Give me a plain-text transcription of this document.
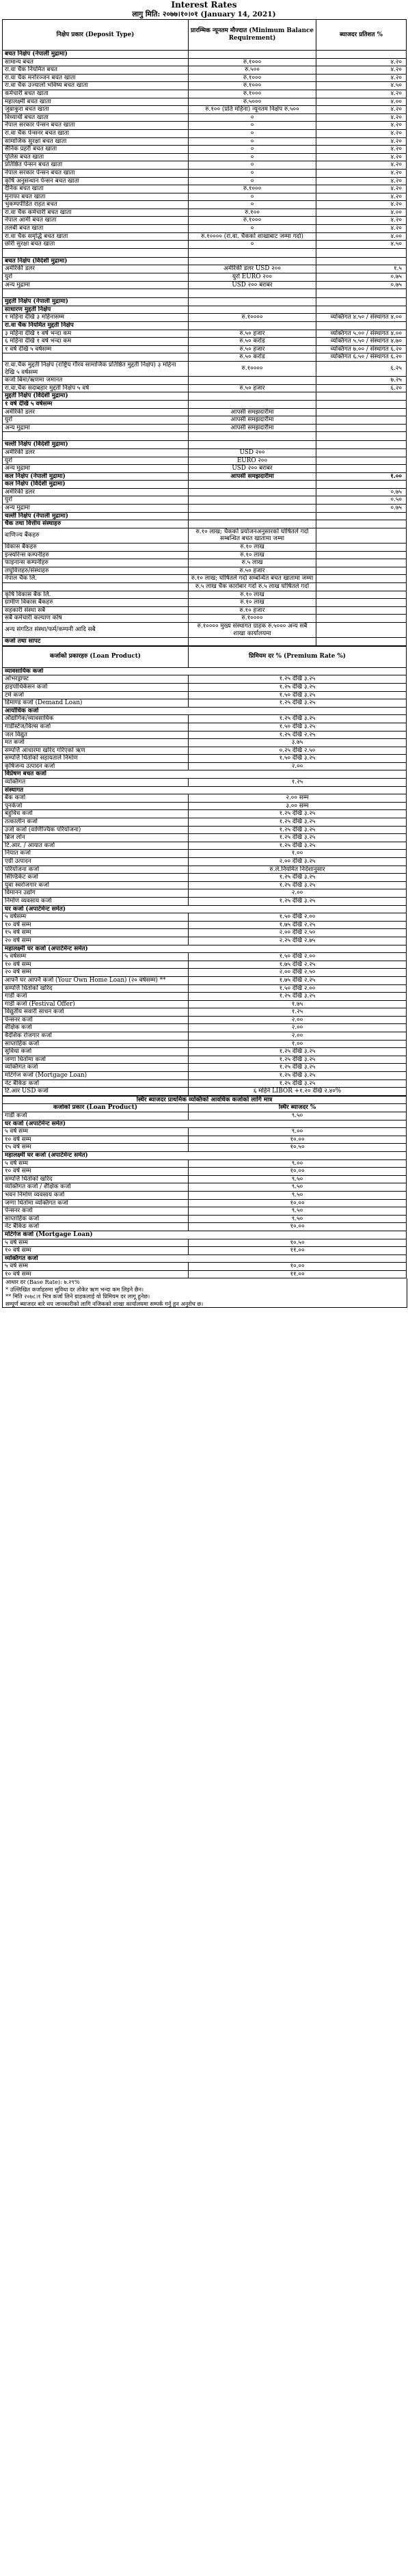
Interest Rates
लागु मिति: २०७७।१०।०१ (January 14, 2021)
निक्षेप प्रकार (Deposit Type)	प्रारम्भिक न्यूनतम मौज्दात (Minimum Balance Requirement)	ब्याजदर प्रतिशत %
बचत निक्षेप (नेपाली मुद्रामा)		
सामान्य बचत	रु.१०००	४.२०
रा.वा चैक नियमित बचत	रु.५००	४.२०
रा.वा चैक मनोरञ्जन बचत खाता	रु.१०००	४.२०
रा.वा चैक उज्यालो भविष्य बचत खाता	रु.१०००	४.५०
कर्मचारी बचत खाता	रु.१०००	४.२०
महालक्ष्मी बचत खाता	रु.५०००	४.००
जुम्राकुरा बचत खाता	रु.१०० (प्रति महिना) न्यूनतम निक्षेप रु.५००	४.२०
विध्यार्थी बचत खाता	०	४.२०
नेपाल सरकार पेन्सन बचत खाता	०	४.२०
रा.वा चैक पेन्सनर बचत खाता	०	४.२०
सामाजिक सुरक्षा बचत खाता	०	४.२०
सैनिक प्रहरी बचत खाता	०	४.२०
पुलिस बचत खाता	०	४.२०
प्रतिष्ठित पेन्सन बचत खाता	०	४.२०
नेपाल सरकार पेन्सन बचत खाता	०	४.२०
कृषि अनुसन्धान पेन्सन बचत खाता	०	४.२०
दैनिक बचत खाता	रु.१०००	४.२०
मुनाफा बचत खाता	०	४.२०
भुकम्पपीडित राहत बचत	०	४.२०
रा.वा चैक कर्मचारी बचत खाता	रु.१००	४.००
नेपाल आर्मी बचत खाता	रु.१०००	४.२०
तलबी बचत खाता	०	४.२०
रा.वा चैक समृद्धि बचत खाता	रु.१०००० (रा.वा. चैकको शाखाबाट जम्मा गर्दा)	४.००
छोरी सुरक्षा बचत खाता	०	४.५०

बचत निक्षेप (विदेशी मुद्रामा)		
अमेरिकी डलर	अमेरिकी डलर USD २००	१.५
युरो	युरो EURO २००	०.७५
अन्य मुद्रामा	USD २०० बराबर	०.७५

मुद्दती निक्षेप (नेपाली मुद्रामा)		
साधारण मुद्दती निक्षेप		
१ महिना देखि ३ महिनासम्म	रु.१००००	व्यक्तिगत ४.५० / संस्थागत ४.००
रा.वा चैक नियमित मुद्दती निक्षेप		
३ महिना देखि १ वर्ष भन्दा कम	रु.५० हजार	व्यक्तिगत ५.०० / संस्थागत ४.००
६ महिना देखि १ वर्ष भन्दा कम	रु.५० करोड	व्यक्तिगत ५.५० / संस्थागत ४.७०
१ वर्ष देखि ५ वर्षसम्म	रु.५० हजार	व्यक्तिगत ७.०० / संस्थागत ६.२०
	रु.५० करोड	व्यक्तिगत ६.५० / संस्थागत ६.२०
रा.वा.चैक मुद्दती निक्षेप (राष्ट्रिय गौरव सामाजिक प्रतिष्ठित मुद्दती निक्षेप) ३ महिना देखि ५ वर्षसम्म	रु.१००००	६.२५
कर्जा बिमा/ऋणमा जमानत		७.२५
रा.वा.चैक सदाबहार मुद्दती निक्षेप ५ वर्ष	रु.५० हजार	६.२०
मुद्दती निक्षेप (विदेशी मुद्रामा)		
१ वर्ष देखि ५ वर्षसम्म		
अमेरिकी डलर	आपसी समझदारीमा	
युरो	आपसी समझदारीमा	
अन्य मुद्रामा	आपसी समझदारीमा	

चल्ती निक्षेप (विदेशी मुद्रामा)		
अमेरिकी डलर	USD २००	
युरो	EURO २००	
अन्य मुद्रामा	USD २०० बराबर	
कल निक्षेप (नेपाली मुद्रामा)	आपसी समझदारीमा	१.००
कल निक्षेप (विदेशी मुद्रामा)		
अमेरिकी डलर		०.७५
युरो		०.५०
अन्य मुद्रामा		०.७५
चल्ती निक्षेप (नेपाली मुद्रामा)		
चैक तथा वित्तीय संस्थाहरु		
वाणिज्य बैंकहरु	रु.१० लाख; चैकको प्रयोजनअनुसारको घोषितले गर्दा सम्बन्धित बचत खातामा जम्मा	
विकास बैंकहरु	रु.१० लाख	
इन्स्योरेन्स कम्पनीहरु	रु.१० लाख	
फाइनान्स कम्पनीहरु	रु.५ लाख	
लघुवित्तहरु/संस्थाहरु	रु.५० हजार	
नेपाल चैक लि.	रु.१० लाख; घोषितले गर्दा सम्बन्धित बचत खातामा जम्मा	
	रु.५ लाख चैक कारोबार गर्दा रु.५ लाख घोषितले गर्दा	
कृषि विकास बैंक लि.	रु.१० लाख	
ग्रामीण विकास बैंकहरु	रु.१० लाख	
सहकारी संस्था सबै	रु.१० हजार	
सबै कर्मचारी कल्याण कोष	रु.१००००	
अन्य संगठित संस्था/फर्म/कम्पनी आदि सबै	रु.१०००० मुख्य संस्थागत ग्राहक रु.५००० अन्य सबै शाखा कार्यालयमा	
कर्जा तथा सापट		
कर्जाको प्रकारहरु (Loan Product)	प्रिमियम दर % (Premium Rate %)
व्यावसायिक कर्जा	
ओभरड्राफ्ट	१.२५ देखि ३.२५
हाइपोथिकेसन कर्जा	१.२५ देखि ३.२५
टर्म कर्जा	१.५० देखि ३.२५
डिमाण्ड कर्जा (Demand Loan)	१.२५ देखि ३.२५
आयोधिक कर्जा	
औद्योगिक/व्यावसायिक	१.२५ देखि ३.२५
गाडीस्टेज/विल्स कर्जा	१.५० देखि ३.२५
जल विद्युत	१.२५ देखि २.२५
मत कर्जा	३.७५
सम्पत्ति आधारमा खरिद गरिएको ऋण	०.२५ देखि २.५०
सम्पत्ति धितोको सहायताले निर्माण	१.५० देखि ३.२५
कृषिजन्य उत्पादन कर्जा	२.००
विप्रेषण बचत कर्जा	
व्यक्तिगत	१.२५
संस्थागत	
बैंक कर्जा	२.०० सम्म
पुनर्कर्जा	३.०० सम्म
बहुविध कर्जा	१.२५ देखि ३.२५
तत्कालीन कर्जा	१.२५ देखि ३.२५
उर्जा कर्जा (वाणिज्यिक परियोजना)	१.२५ देखि ३.२५
ब्रिज लोन	१.२५ देखि ३.२५
टि.आर. / आयात कर्जा	१.२५ देखि ३.२५
नियात कर्जा	१.००
एग्री उत्पादन	२.०० देखि ३.२५
परियोजना कर्जा	रु.ले.नियमित निर्देशानुसार
सिण्डिकेट कर्जा	१.२५ देखि ३.२५
युवा स्वरोजगार कर्जा	१.२५ देखि ३.२५
विमानन उद्योग	२.००
निर्माण व्यवसाय कर्जा	१.२५ देखि ३.२५
घर कर्जा (अपार्टमेन्ट समेत)	
५ वर्षसम्म	१.५० देखि २.००
१० वर्ष सम्म	१.७५ देखि २.२५
१५ वर्ष सम्म	२.०० देखि २.५०
२० वर्ष सम्म	२.२५ देखि २.७५
महालक्ष्मी घर कर्जा (अपार्टमेन्ट समेत)	
५ वर्षसम्म	१.५० देखि २.००
१० वर्ष सम्म	१.७५ देखि २.२५
२० वर्ष सम्म	२.०० देखि २.५०
आफ्नै घर आफ्नै कर्जा (Your Own Home Loan) (२० वर्षसम्म) **	१.७५ देखि २.२५
सम्पत्ति धितोको खरिद	१.५० देखि २.००
गाडी कर्जा	१.२५ देखि ३.२५
गाडी कर्जा (Festival Offer)	१.७५
विद्युतीय सवारी साधन कर्जा	१.२५
पेन्सनर कर्जा	२.००
शैक्षिक कर्जा	२.००
वैदेशिक रोजगार कर्जा	२.००
साप्ताहिक कर्जा	१.००
सुविधा कर्जा	१.२५ देखि ३.२५
जग्गा धितोमा कर्जा	१.२५ देखि ३.२५
व्यक्तिगत कर्जा	१.२५ देखि ३.२५
मोर्टगेज कर्जा (Mortgage Loan)	१.२५ देखि ३.२५
नेट बैंकिङ कर्जा	१.२५ देखि ३.२५
टि.आर USD कर्जा	६ महिने LIBOR +१.२० देखि २.४०%
स्थिर ब्याजदर प्राथमिक व्यक्तिको आवधिक कर्जाको लागि मात्र	
कर्जाको प्रकार (Loan Product)	स्थिर ब्याजदर %
गाडी कर्जा	९.५०
घर कर्जा (अपार्टमेन्ट समेत)	
५ वर्ष सम्म	९.००
१० वर्ष सम्म	१०.००
१५ वर्ष सम्म	१०.५०
महालक्ष्मी घर कर्जा (अपार्टमेन्ट समेत)	
५ वर्ष सम्म	९.००
१० वर्ष सम्म	१०.००
सम्पत्ति धितोको खरिद	९.५०
व्यक्तिगत कर्जा / शैक्षिक कर्जा	९.५०
भवन निर्माण व्यवसाय कर्जा	९.५०
जग्गा धितोमा व्यक्तिगत कर्जा	१०.००
पेन्सनर कर्जा	९.५०
साप्ताहिक कर्जा	९.५०
नेट बैंकिङ कर्जा	१०.००
मोर्टगेज कर्जा (Mortgage Loan)	
५ वर्ष सम्म	१०.५०
१० वर्ष सम्म	११.००
व्यक्तिगत कर्जा	
५ वर्ष सम्म	१०.००
१० वर्ष सम्म	११.००
आधार दर (Base Rate): ७.२९%
* उल्लिखित कर्जाहरुमा सुविधा दर तोकेर ऋण भन्दा कम लिइने छैन।
** मिति २०७८।१ भित्र कर्जा लिने ग्राहकलाई यो प्रिमियम दर लागू हुनेछ।
सम्पूर्ण ब्याजदर बारे थप जानकारीको लागि नजिकको शाखा कार्यालयमा सम्पर्क गर्नु हुन अनुरोध छ।
